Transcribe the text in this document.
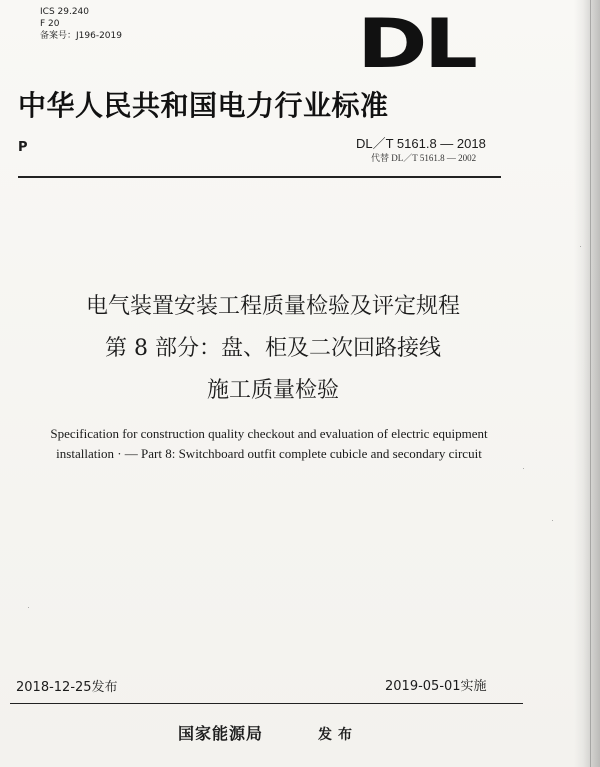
ICS 29.240
F 20
备案号：J196-2019	DL
中华人民共和国电力行业标准
P	DL／T 5161.8 — 2018
代替 DL／T 5161.8 — 2002
电气装置安装工程质量检验及评定规程
第 8 部分：盘、柜及二次回路接线
施工质量检验
Specification for construction quality checkout and evaluation of electric equipment
installation · — Part 8: Switchboard outfit complete cubicle and secondary circuit
2018-12-25发布	2019-05-01实施
国家能源局	发布
